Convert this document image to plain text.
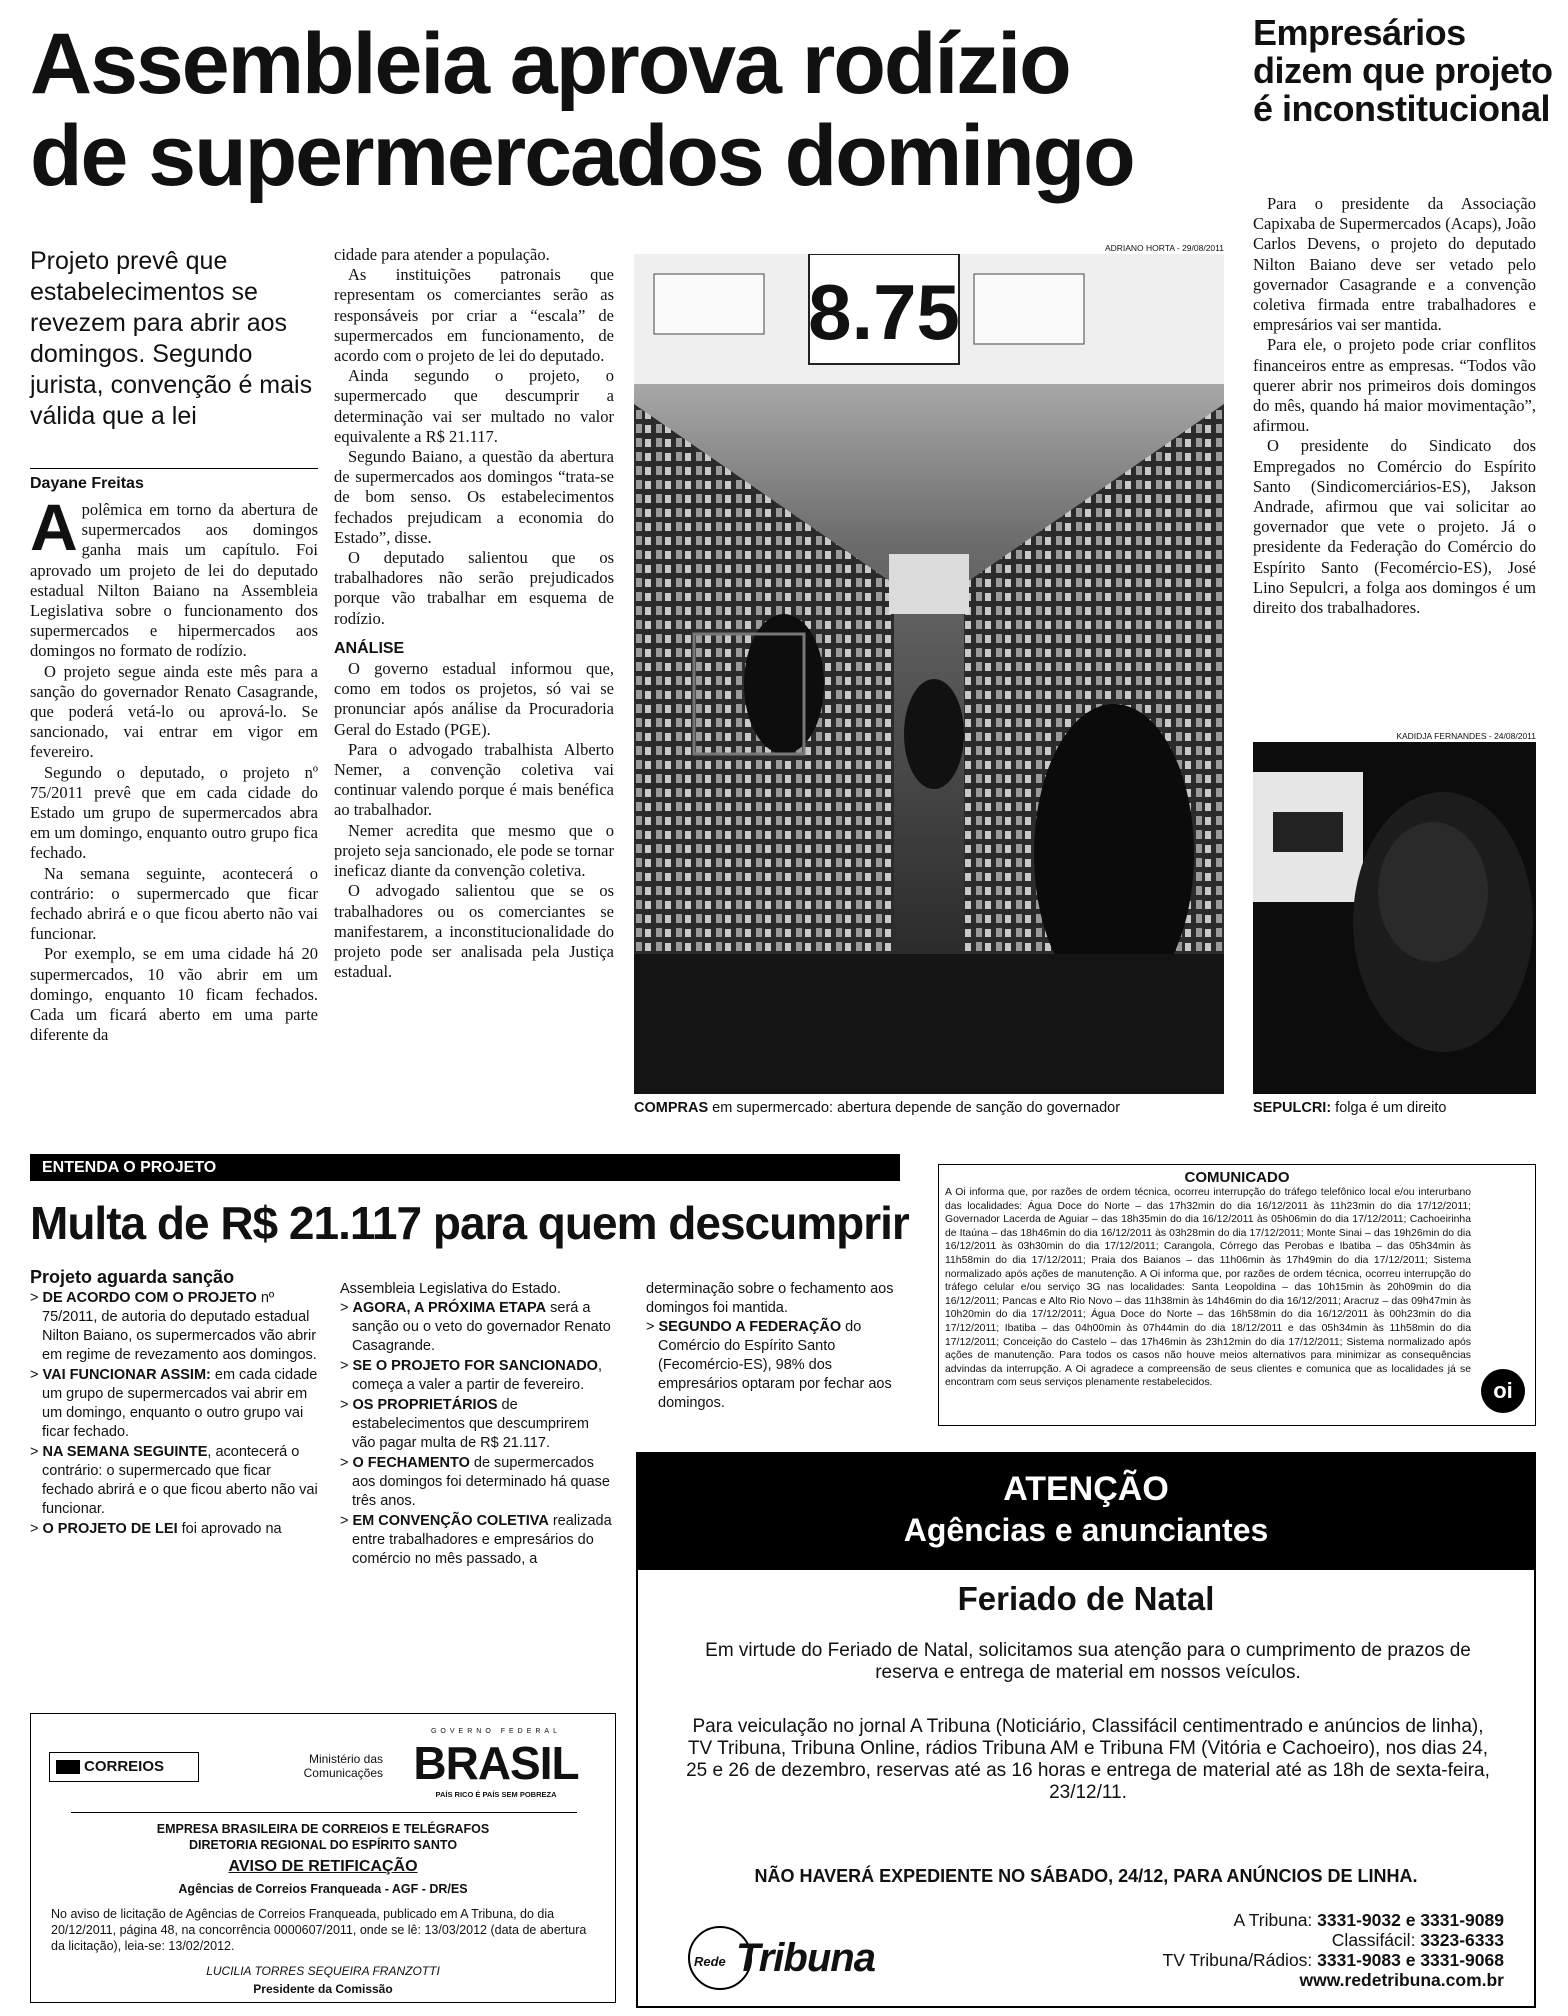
Assembleia aprova rodízio
de supermercados domingo
Projeto prevê que estabelecimentos se revezem para abrir aos domingos. Segundo jurista, convenção é mais válida que a lei
Dayane Freitas

Apolêmica em torno da abertura de supermercados aos domingos ganha mais um capítulo. Foi aprovado um projeto de lei do deputado estadual Nilton Baiano na Assembleia Legislativa sobre o funcionamento dos supermercados e hipermercados aos domingos no formato de rodízio.

O projeto segue ainda este mês para a sanção do governador Renato Casagrande, que poderá vetá-lo ou aprová-lo. Se sancionado, vai entrar em vigor em fevereiro.

Segundo o deputado, o projeto nº 75/2011 prevê que em cada cidade do Estado um grupo de supermercados abra em um domingo, enquanto outro grupo fica fechado.

Na semana seguinte, acontecerá o contrário: o supermercado que ficar fechado abrirá e o que ficou aberto não vai funcionar.

Por exemplo, se em uma cidade há 20 supermercados, 10 vão abrir em um domingo, enquanto 10 ficam fechados. Cada um ficará aberto em uma parte diferente da

cidade para atender a população.

As instituições patronais que representam os comerciantes serão as responsáveis por criar a “escala” de supermercados em funcionamento, de acordo com o projeto de lei do deputado.

Ainda segundo o projeto, o supermercado que descumprir a determinação vai ser multado no valor equivalente a R$ 21.117.

Segundo Baiano, a questão da abertura de supermercados aos domingos “trata-se de bom senso. Os estabelecimentos fechados prejudicam a economia do Estado”, disse.

O deputado salientou que os trabalhadores não serão prejudicados porque vão trabalhar em esquema de rodízio.

ANÁLISE

O governo estadual informou que, como em todos os projetos, só vai se pronunciar após análise da Procuradoria Geral do Estado (PGE).

Para o advogado trabalhista Alberto Nemer, a convenção coletiva vai continuar valendo porque é mais benéfica ao trabalhador.

Nemer acredita que mesmo que o projeto seja sancionado, ele pode se tornar ineficaz diante da convenção coletiva.

O advogado salientou que se os trabalhadores ou os comerciantes se manifestarem, a inconstitucionalidade do projeto pode ser analisada pela Justiça estadual.

ADRIANO HORTA - 29/08/2011
8.75
COMPRAS em supermercado: abertura depende de sanção do governador
Empresários dizem que projeto é inconstitucional

Para o presidente da Associação Capixaba de Supermercados (Acaps), João Carlos Devens, o projeto do deputado Nilton Baiano deve ser vetado pelo governador Casagrande e a convenção coletiva firmada entre trabalhadores e empresários vai ser mantida.

Para ele, o projeto pode criar conflitos financeiros entre as empresas. “Todos vão querer abrir nos primeiros dois domingos do mês, quando há maior movimentação”, afirmou.

O presidente do Sindicato dos Empregados no Comércio do Espírito Santo (Sindicomerciários-ES), Jakson Andrade, afirmou que vai solicitar ao governador que vete o projeto. Já o presidente da Federação do Comércio do Espírito Santo (Fecomércio-ES), José Lino Sepulcri, a folga aos domingos é um direito dos trabalhadores.

KADIDJA FERNANDES - 24/08/2011
SEPULCRI: folga é um direito
ENTENDA O PROJETO
Multa de R$ 21.117 para quem descumprir
Projeto aguarda sanção

> DE ACORDO COM O PROJETO nº 75/2011, de autoria do deputado estadual Nilton Baiano, os supermercados vão abrir em regime de revezamento aos domingos.

> VAI FUNCIONAR ASSIM: em cada cidade um grupo de supermercados vai abrir em um domingo, enquanto o outro grupo vai ficar fechado.

> NA SEMANA SEGUINTE, acontecerá o contrário: o supermercado que ficar fechado abrirá e o que ficou aberto não vai funcionar.

> O PROJETO DE LEI foi aprovado na

Assembleia Legislativa do Estado.

> AGORA, A PRÓXIMA ETAPA será a sanção ou o veto do governador Renato Casagrande.

> SE O PROJETO FOR SANCIONADO, começa a valer a partir de fevereiro.

> OS PROPRIETÁRIOS de estabelecimentos que descumprirem vão pagar multa de R$ 21.117.

> O FECHAMENTO de supermercados aos domingos foi determinado há quase três anos.

> EM CONVENÇÃO COLETIVA realizada entre trabalhadores e empresários do comércio no mês passado, a

determinação sobre o fechamento aos domingos foi mantida.

> SEGUNDO A FEDERAÇÃO do Comércio do Espírito Santo (Fecomércio-ES), 98% dos empresários optaram por fechar aos domingos.

COMUNICADO
A Oi informa que, por razões de ordem técnica, ocorreu interrupção do tráfego telefônico local e/ou interurbano das localidades: Água Doce do Norte – das 17h32min do dia 16/12/2011 às 11h23min do dia 17/12/2011; Governador Lacerda de Aguiar – das 18h35min do dia 16/12/2011 às 05h06min do dia 17/12/2011; Cachoeirinha de Itaúna – das 18h46min do dia 16/12/2011 às 03h28min do dia 17/12/2011; Monte Sinai – das 19h26min do dia 16/12/2011 às 03h30min do dia 17/12/2011; Carangola, Córrego das Perobas e Ibatiba – das 05h34min às 11h58min do dia 17/12/2011; Praia dos Baianos – das 11h06min às 17h49min do dia 17/12/2011; Sistema normalizado após ações de manutenção. A Oi informa que, por razões de ordem técnica, ocorreu interrupção do tráfego celular e/ou serviço 3G nas localidades: Santa Leopoldina – das 10h15min às 20h09min do dia 16/12/2011; Pancas e Alto Rio Novo – das 11h38min às 14h46min do dia 16/12/2011; Aracruz – das 09h47min às 10h20min do dia 17/12/2011; Água Doce do Norte – das 16h58min do dia 16/12/2011 às 00h23min do dia 17/12/2011; Ibatiba – das 04h00min às 07h44min do dia 18/12/2011 e das 05h34min às 11h58min do dia 17/12/2011; Conceição do Castelo – das 17h46min às 23h12min do dia 17/12/2011; Sistema normalizado após ações de manutenção. Para todos os casos não houve meios alternativos para minimizar as consequências advindas da interrupção. A Oi agradece a compreensão de seus clientes e comunica que as localidades já se encontram com seus serviços plenamente restabelecidos.	oi
CORREIOS	Ministério das Comunicações
GOVERNO FEDERAL
BRASIL
PAÍS RICO É PAÍS SEM POBREZA
EMPRESA BRASILEIRA DE CORREIOS E TELÉGRAFOS
DIRETORIA REGIONAL DO ESPÍRITO SANTO
AVISO DE RETIFICAÇÃO
Agências de Correios Franqueada - AGF - DR/ES
No aviso de licitação de Agências de Correios Franqueada, publicado em A Tribuna, do dia 20/12/2011, página 48, na concorrência 0000607/2011, onde se lê: 13/03/2012 (data de abertura da licitação), leia-se: 13/02/2012.
LUCILIA TORRES SEQUEIRA FRANZOTTI
Presidente da Comissão
ATENÇÃO
Agências e anunciantes
Feriado de Natal
Em virtude do Feriado de Natal, solicitamos sua atenção para o cumprimento de prazos de reserva e entrega de material em nossos veículos.
Para veiculação no jornal A Tribuna (Noticiário, Classifácil centimentrado e anúncios de linha), TV Tribuna, Tribuna Online, rádios Tribuna AM e Tribuna FM (Vitória e Cachoeiro), nos dias 24, 25 e 26 de dezembro, reservas até as 16 horas e entrega de material até as 18h de sexta-feira, 23/12/11.
NÃO HAVERÁ EXPEDIENTE NO SÁBADO, 24/12, PARA ANÚNCIOS DE LINHA.
Rede Tribuna
A Tribuna: 3331-9032 e 3331-9089
Classifácil: 3323-6333
TV Tribuna/Rádios: 3331-9083 e 3331-9068
www.redetribuna.com.br
